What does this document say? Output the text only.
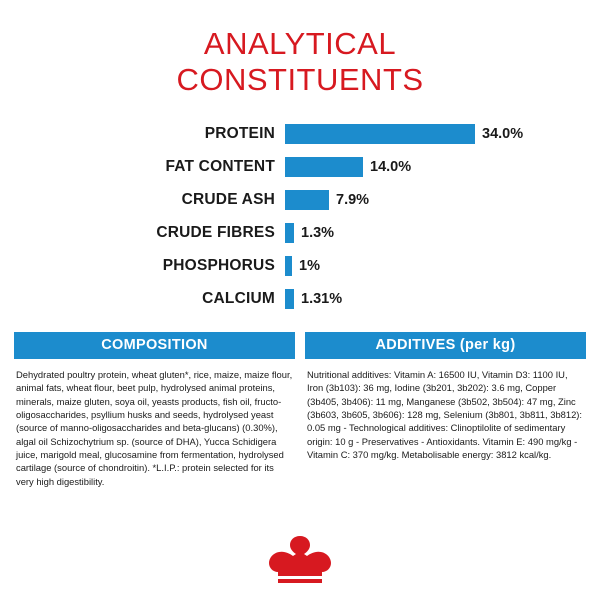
ANALYTICAL
CONSTITUENTS
PROTEIN	34.0%
FAT CONTENT	14.0%
CRUDE ASH	7.9%
CRUDE FIBRES	1.3%
PHOSPHORUS	1%
CALCIUM	1.31%
COMPOSITION
Dehydrated poultry protein, wheat gluten*, rice, maize, maize flour, animal fats, wheat flour, beet pulp, hydrolysed animal proteins, minerals, maize gluten, soya oil, yeasts products, fish oil, fructo-oligosaccharides, psyllium husks and seeds, hydrolysed yeast (source of manno-oligosaccharides and beta-glucans) (0.30%), algal oil Schizochytrium sp. (source of DHA), Yucca Schidigera juice, marigold meal, glucosamine from fermentation, hydrolysed cartilage (source of chondroitin). *L.I.P.: protein selected for its very high digestibility.
ADDITIVES (per kg)
Nutritional additives: Vitamin A: 16500 IU, Vitamin D3: 1100 IU, Iron (3b103): 36 mg, Iodine (3b201, 3b202): 3.6 mg, Copper (3b405, 3b406): 11 mg, Manganese (3b502, 3b504): 47 mg, Zinc (3b603, 3b605, 3b606): 128 mg, Selenium (3b801, 3b811, 3b812): 0.05 mg - Technological additives: Clinoptilolite of sedimentary origin: 10 g - Preservatives - Antioxidants. Vitamin E: 490 mg/kg - Vitamin C: 370 mg/kg. Metabolisable energy: 3812 kcal/kg.
